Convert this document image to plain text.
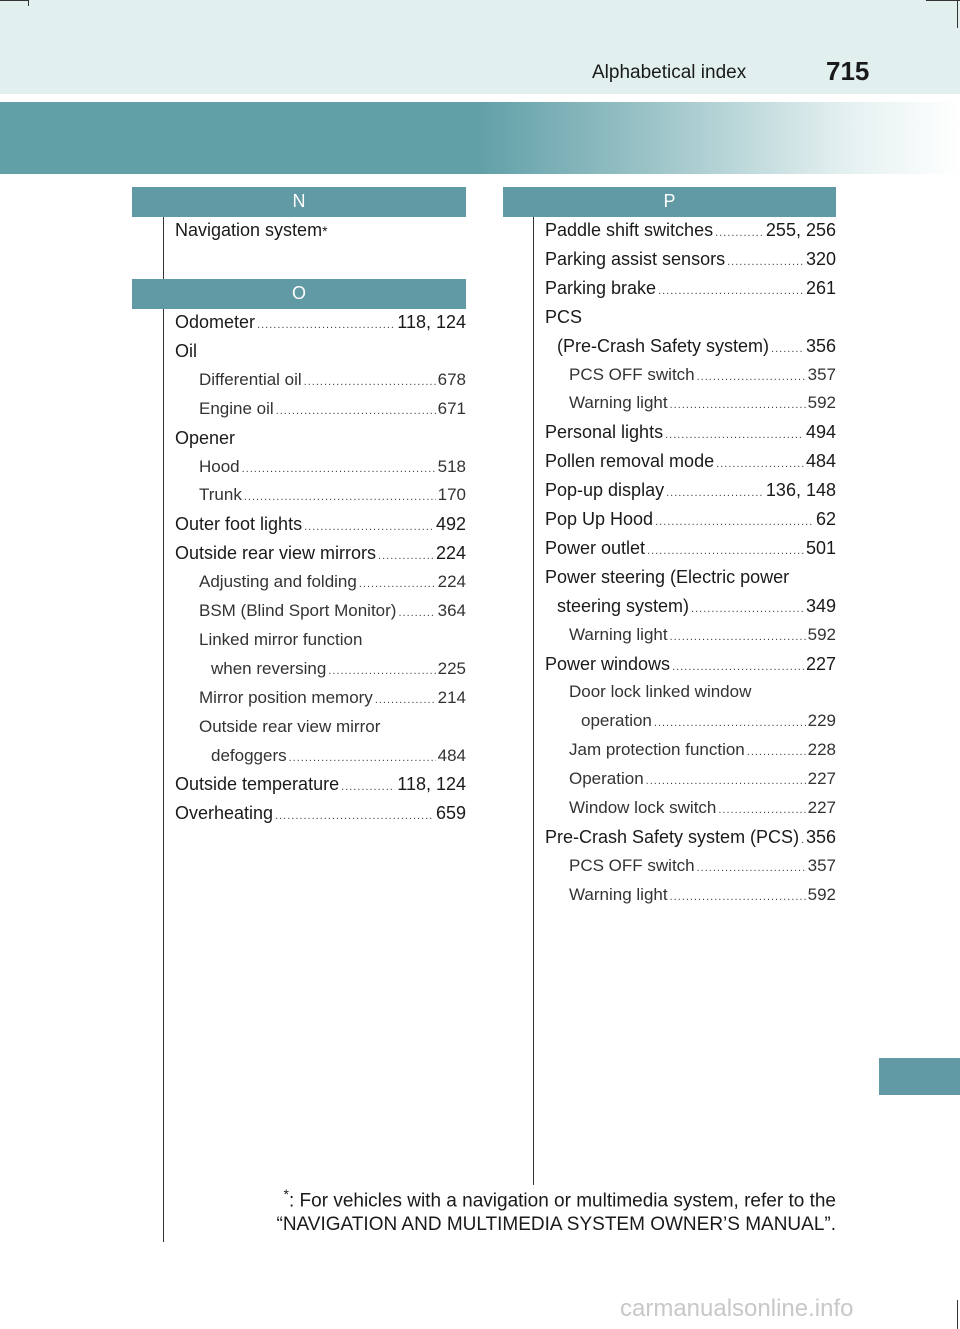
Alphabetical index	715
N
O
P
Navigation system *
Odometer .....	118, 124
Oil
Differential oil .....	678
Engine oil .....	671
Opener
Hood .....	518
Trunk .....	170
Outer foot lights .....	492
Outside rear view mirrors .....	224
Adjusting and folding .....	224
BSM (Blind Sport Monitor) ..... 364
Linked mirror function
when reversing .....	225
Mirror position memory .....	214
Outside rear view mirror
defoggers .....	484
Outside temperature .....	118, 124
Overheating .....	659
Paddle shift switches .....	255, 256
Parking assist sensors .....	320
Parking brake .....	261
PCS
(Pre-Crash Safety system) ..... 356
PCS OFF switch .....	357
Warning light .....	592
Personal lights .....	494
Pollen removal mode .....	484
Pop-up display .....	136, 148
Pop Up Hood .....	62
Power outlet .....	501
Power steering (Electric power
steering system) .....	349
Warning light .....	592
Power windows .....	227
Door lock linked window
operation .....	229
Jam protection function .....	228
Operation .....	227
Window lock switch .....	227
Pre-Crash Safety system (PCS) ..... 356
PCS OFF switch .....	357
Warning light .....	592
*: For vehicles with a navigation or multimedia system, refer to the
“NAVIGATION AND MULTIMEDIA SYSTEM OWNER’S MANUAL”.
carmanualsonline.info
